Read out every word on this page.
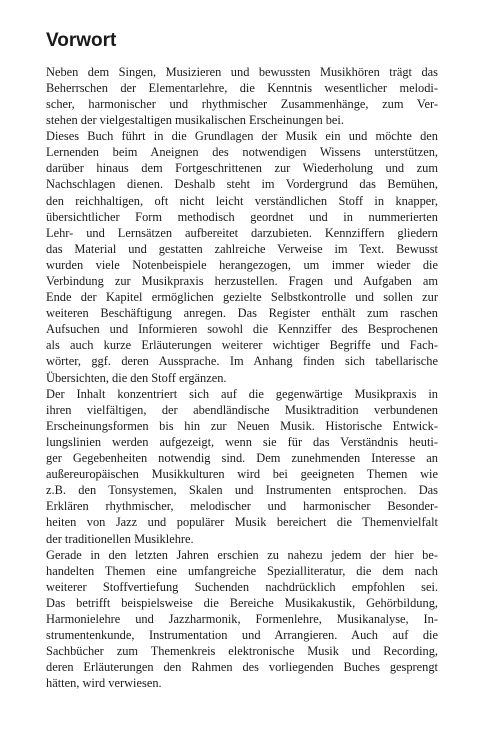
Vorwort

Neben dem Singen, Musizieren und bewussten Musikhören trägt das
Beherrschen der Elementarlehre, die Kenntnis wesentlicher melodi-
scher, harmonischer und rhythmischer Zusammenhänge, zum Ver-
stehen der vielgestaltigen musikalischen Erscheinungen bei.

Dieses Buch führt in die Grundlagen der Musik ein und möchte den
Lernenden beim Aneignen des notwendigen Wissens unterstützen,
darüber hinaus dem Fortgeschrittenen zur Wiederholung und zum
Nachschlagen dienen. Deshalb steht im Vordergrund das Bemühen,
den reichhaltigen, oft nicht leicht verständlichen Stoff in knapper,
übersichtlicher Form methodisch geordnet und in nummerierten
Lehr- und Lernsätzen aufbereitet darzubieten. Kennziffern gliedern
das Material und gestatten zahlreiche Verweise im Text. Bewusst
wurden viele Notenbeispiele herangezogen, um immer wieder die
Verbindung zur Musikpraxis herzustellen. Fragen und Aufgaben am
Ende der Kapitel ermöglichen gezielte Selbstkontrolle und sollen zur
weiteren Beschäftigung anregen. Das Register enthält zum raschen
Aufsuchen und Informieren sowohl die Kennziffer des Besprochenen
als auch kurze Erläuterungen weiterer wichtiger Begriffe und Fach-
wörter, ggf. deren Aussprache. Im Anhang finden sich tabellarische
Übersichten, die den Stoff ergänzen.

Der Inhalt konzentriert sich auf die gegenwärtige Musikpraxis in
ihren vielfältigen, der abendländische Musiktradition verbundenen
Erscheinungsformen bis hin zur Neuen Musik. Historische Entwick-
lungslinien werden aufgezeigt, wenn sie für das Verständnis heuti-
ger Gegebenheiten notwendig sind. Dem zunehmenden Interesse an
außereuropäischen Musikkulturen wird bei geeigneten Themen wie
z.B. den Tonsystemen, Skalen und Instrumenten entsprochen. Das
Erklären rhythmischer, melodischer und harmonischer Besonder-
heiten von Jazz und populärer Musik bereichert die Themenvielfalt
der traditionellen Musiklehre.

Gerade in den letzten Jahren erschien zu nahezu jedem der hier be-
handelten Themen eine umfangreiche Spezialliteratur, die dem nach
weiterer Stoffvertiefung Suchenden nachdrücklich empfohlen sei.
Das betrifft beispielsweise die Bereiche Musikakustik, Gehörbildung,
Harmonielehre und Jazzharmonik, Formenlehre, Musikanalyse, In-
strumentenkunde, Instrumentation und Arrangieren. Auch auf die
Sachbücher zum Themenkreis elektronische Musik und Recording,
deren Erläuterungen den Rahmen des vorliegenden Buches gesprengt
hätten, wird verwiesen.
